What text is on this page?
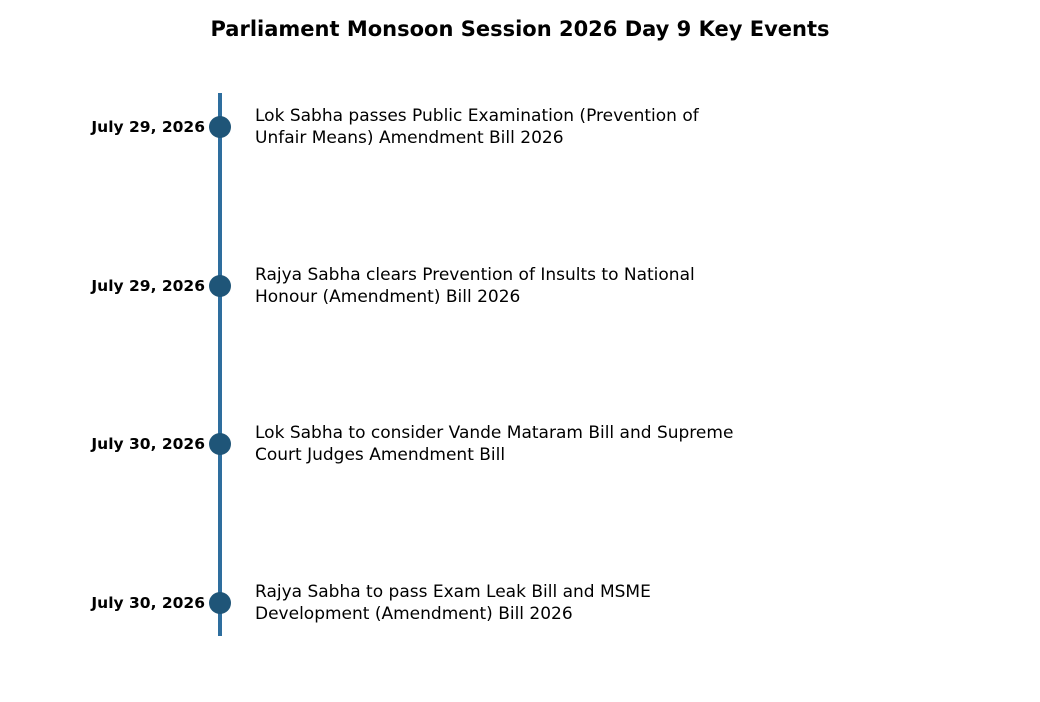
Parliament Monsoon Session 2026 Day 9 Key Events
July 29, 2026
Lok Sabha passes Public Examination (Prevention of
Unfair Means) Amendment Bill 2026
July 29, 2026
Rajya Sabha clears Prevention of Insults to National
Honour (Amendment) Bill 2026
July 30, 2026
Lok Sabha to consider Vande Mataram Bill and Supreme
Court Judges Amendment Bill
July 30, 2026
Rajya Sabha to pass Exam Leak Bill and MSME
Development (Amendment) Bill 2026
